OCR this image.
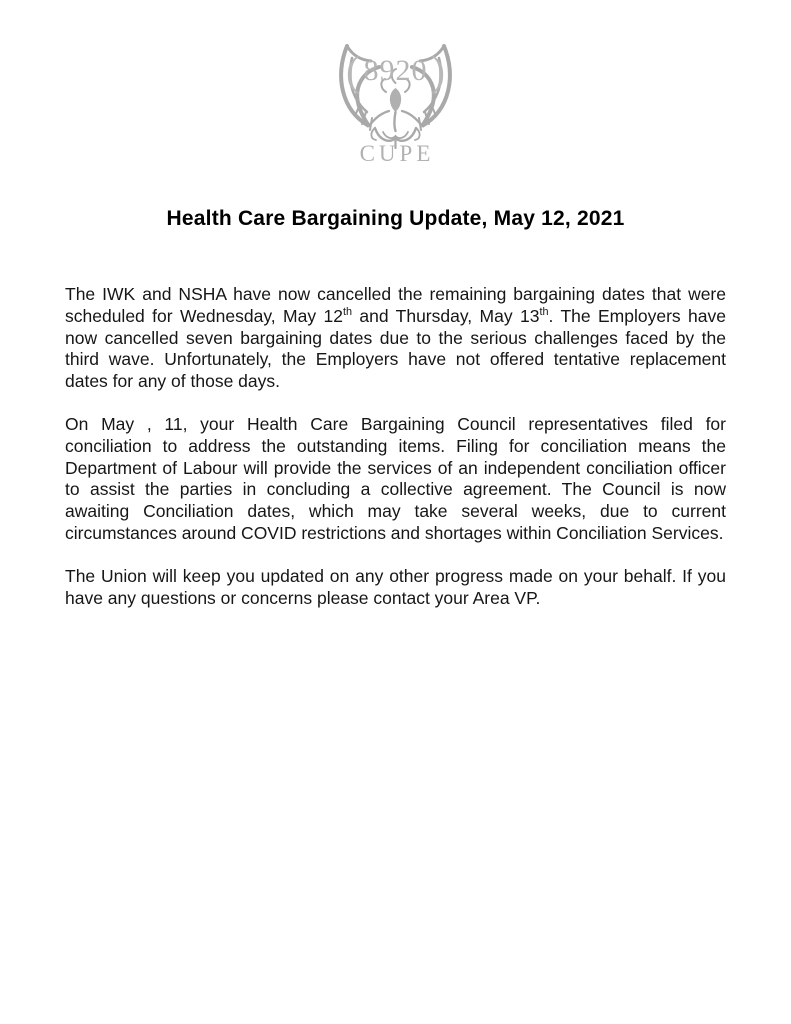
( )
8920
CUPE
Health Care Bargaining Update, May 12, 2021

The IWK and NSHA have now cancelled the remaining bargaining dates that were scheduled for Wednesday, May 12th and Thursday, May 13th. The Employers have now cancelled seven bargaining dates due to the serious challenges faced by the third wave. Unfortunately, the Employers have not offered tentative replacement dates for any of those days.

On May , 11, your Health Care Bargaining Council representatives filed for conciliation to address the outstanding items. Filing for conciliation means the Department of Labour will provide the services of an independent conciliation officer to assist the parties in concluding a collective agreement. The Council is now awaiting Conciliation dates, which may take several weeks, due to current circumstances around COVID restrictions and shortages within Conciliation Services.

The Union will keep you updated on any other progress made on your behalf. If you have any questions or concerns please contact your Area VP.
